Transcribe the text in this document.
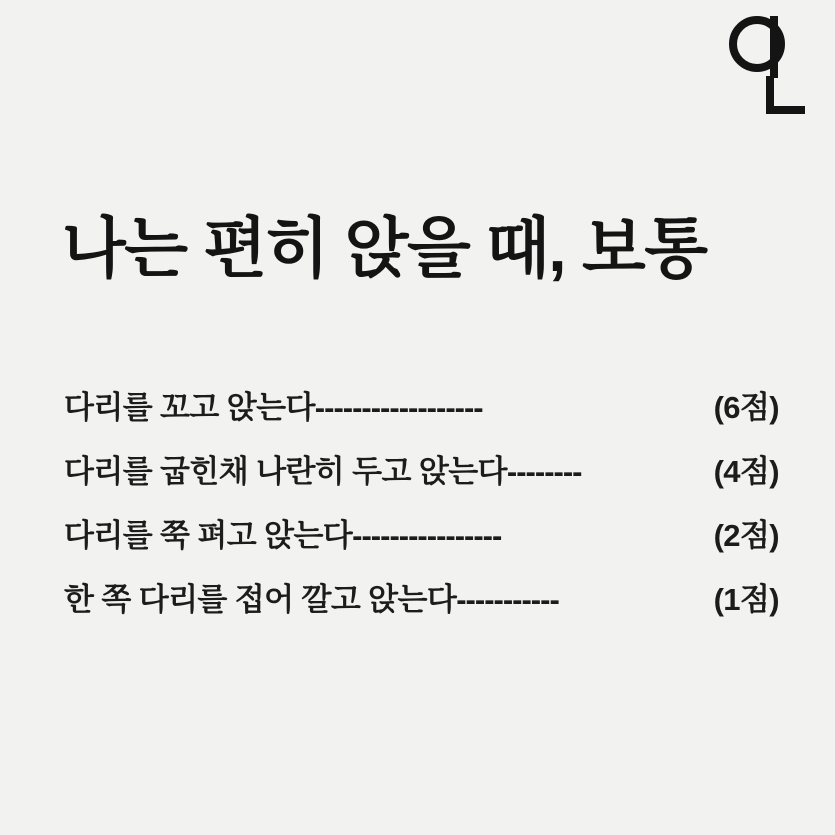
나는 편히 앉을 때, 보통
다리를 꼬고 앉는다 ------------------	(6점)
다리를 굽힌채 나란히 두고 앉는다 --------	(4점)
다리를 쭉 펴고 앉는다 ----------------	(2점)
한 쪽 다리를 접어 깔고 앉는다 -----------	(1점)
